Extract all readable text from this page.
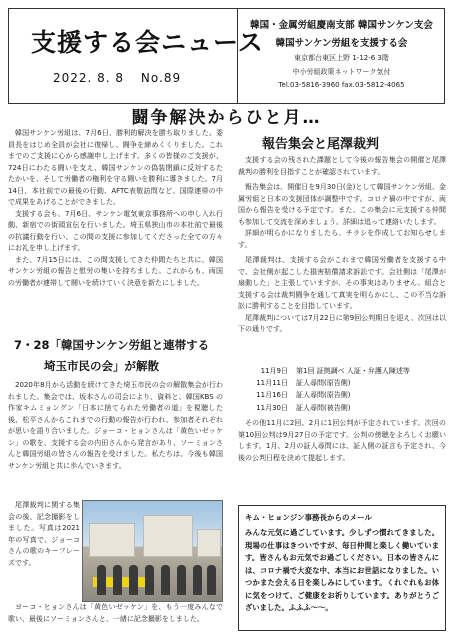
支援する会ニュース
2022. 8. 8 No.89
韓国・金属労組慶南支部 韓国サンケン支会
韓国サンケン労組を支援する会
東京都台東区上野 1-12-6 3階
中小労組政策ネットワーク気付
Tel.03-5816-3960 fax.03-5812-4065
闘争解決からひと月…

韓国サンケン労組は、7月6日、勝利的解決を勝ち取りました。委員長をはじめ全員が会社に復帰し、闘争を締めくくりました。これまでのご支援に心から感謝申し上げます。多くの皆様のご支援が、724日にわたる闘いを支え、韓国サンケンの偽装閉鎖に反対するたたかいを、そして労働者の権利を守る闘いを勝利に導きました。7月14日、本社前での最後の行動、AFTC表敬訪問など、国際連帯の中で成果をあげることができました。

支援する会も、7月6日、サンケン電気東京事務所への申し入れ行動、新宿での街頭宣伝を行いました。埼玉県狭山市の本社前で最後の抗議行動を行い、この間の支援に参加してくださった全ての方々にお礼を申し上げます。

また、7月15日には、この間支援してきた仲間たちと共に、韓国サンケン労組の報告と慰労の集いを持ちました。これからも、両国の労働者が連帯して闘いを続けていく決意を新たにしました。

7・28「韓国サンケン労組と連帯する
埼玉市民の会」が解散

2020年8月から活動を続けてきた埼玉市民の会の解散集会が行われました。集会では、坂本さんの司会により、資料と、韓国KBS の作家キムミョングン「日本に捨てられた労働者の道」を視聴した後、松平さんからこれまでの行動の報告が行われ、参加者それぞれが思いを語り合いました。ジョーコ・ヒョンさんは「黄色いゼッケン」の歌を、支援する会の内田さんから発言があり、ソーミョンさんと韓国労組の皆さんの報告を受けました。私たちは、今後も韓国サンケン労組と共に歩んでいきます。

尾澤裁判に関する集会の後、記念撮影をしました。写真は2021年の写真で、ジョーコさんの歌のキーフレーズです。

ヨーコ・ヒョンさんは「黄色いゼッケン」を、もう一度みんなで歌い、最後にソーミョンさんと、一緒に記念撮影をしました。

報告集会と尾澤裁判

支援する会の残された課題として今後の報告集会の開催と尾澤裁判の勝利を目指すことが確認されています。

報告集会は、開催日を9月30日(金)として韓国サンケン労組、金属労組と日本の支援団体が調整中です。コロナ禍の中ですが、両国から報告を受ける予定です。また、この集会に元支援する仲間も参加して交流を深めましょう。詳細は追って連絡いたします。

詳細が明らかになりましたら、チラシを作成してお知らせします。

尾澤裁判は、支援する会がこれまで韓国労働者を支援する中で、会社側が起こした損害賠償請求訴訟です。会社側は「尾澤が扇動した」と主張していますが、その事実はありません。組合と支援する会は裁判闘争を通して真実を明らかにし、この不当な訴訟に勝利することを目指しています。

尾澤裁判については7月22日に第9回公判期日を迎え、次回は以下の通りです。

11月9日 第1回 証拠調べ 人証・弁護人陳述等
11月11日 証人尋問(原告側)
11月16日 証人尋問(原告側)
11月30日 証人尋問(被告側)

その他11月に2回、2月に1回公判が予定されています。次回の第10回公判は9月27日の予定です。公判の傍聴をよろしくお願いします。1月、2月の証人尋問には、証人側の証言も予定され、今後の公判日程を決めて提起します。

キム・ヒョンジン事務長からのメール
みんな元気に過ごしています。少しずつ慣れてきました。現場の仕事はきついですが、毎日仲間と楽しく働いています。皆さんもお元気でお過ごしください。日本の皆さんには、コロナ禍で大変な中、本当にお世話になりました。いつかまた会える日を楽しみにしています。くれぐれもお体に気をつけて、ご健康をお祈りしています。ありがとうございました。ふふふ〜〜。
